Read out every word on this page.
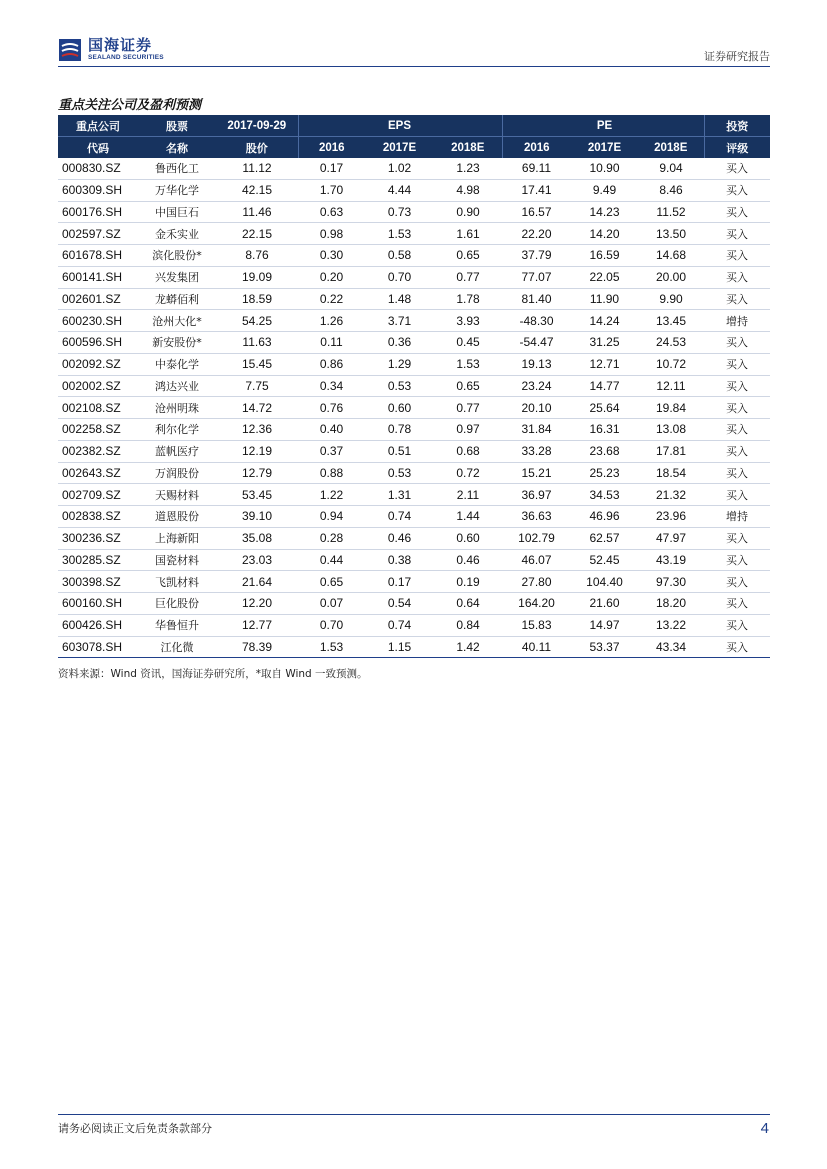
国海证券
SEALAND SECURITIES	证券研究报告
重点关注公司及盈利预测
重点公司	股票	2017-09-29		EPS			PE		投资
代码	名称	股价	2016	2017E	2018E	2016	2017E	2018E	评级
000830.SZ	鲁西化工	11.12	0.17	1.02	1.23	69.11	10.90	9.04	买入
600309.SH	万华化学	42.15	1.70	4.44	4.98	17.41	9.49	8.46	买入
600176.SH	中国巨石	11.46	0.63	0.73	0.90	16.57	14.23	11.52	买入
002597.SZ	金禾实业	22.15	0.98	1.53	1.61	22.20	14.20	13.50	买入
601678.SH	滨化股份*	8.76	0.30	0.58	0.65	37.79	16.59	14.68	买入
600141.SH	兴发集团	19.09	0.20	0.70	0.77	77.07	22.05	20.00	买入
002601.SZ	龙蟒佰利	18.59	0.22	1.48	1.78	81.40	11.90	9.90	买入
600230.SH	沧州大化*	54.25	1.26	3.71	3.93	-48.30	14.24	13.45	增持
600596.SH	新安股份*	11.63	0.11	0.36	0.45	-54.47	31.25	24.53	买入
002092.SZ	中泰化学	15.45	0.86	1.29	1.53	19.13	12.71	10.72	买入
002002.SZ	鸿达兴业	7.75	0.34	0.53	0.65	23.24	14.77	12.11	买入
002108.SZ	沧州明珠	14.72	0.76	0.60	0.77	20.10	25.64	19.84	买入
002258.SZ	利尔化学	12.36	0.40	0.78	0.97	31.84	16.31	13.08	买入
002382.SZ	蓝帆医疗	12.19	0.37	0.51	0.68	33.28	23.68	17.81	买入
002643.SZ	万润股份	12.79	0.88	0.53	0.72	15.21	25.23	18.54	买入
002709.SZ	天赐材料	53.45	1.22	1.31	2.11	36.97	34.53	21.32	买入
002838.SZ	道恩股份	39.10	0.94	0.74	1.44	36.63	46.96	23.96	增持
300236.SZ	上海新阳	35.08	0.28	0.46	0.60	102.79	62.57	47.97	买入
300285.SZ	国瓷材料	23.03	0.44	0.38	0.46	46.07	52.45	43.19	买入
300398.SZ	飞凯材料	21.64	0.65	0.17	0.19	27.80	104.40	97.30	买入
600160.SH	巨化股份	12.20	0.07	0.54	0.64	164.20	21.60	18.20	买入
600426.SH	华鲁恒升	12.77	0.70	0.74	0.84	15.83	14.97	13.22	买入
603078.SH	江化微	78.39	1.53	1.15	1.42	40.11	53.37	43.34	买入
资料来源：Wind 资讯，国海证券研究所，*取自 Wind 一致预测。
请务必阅读正文后免责条款部分	4
